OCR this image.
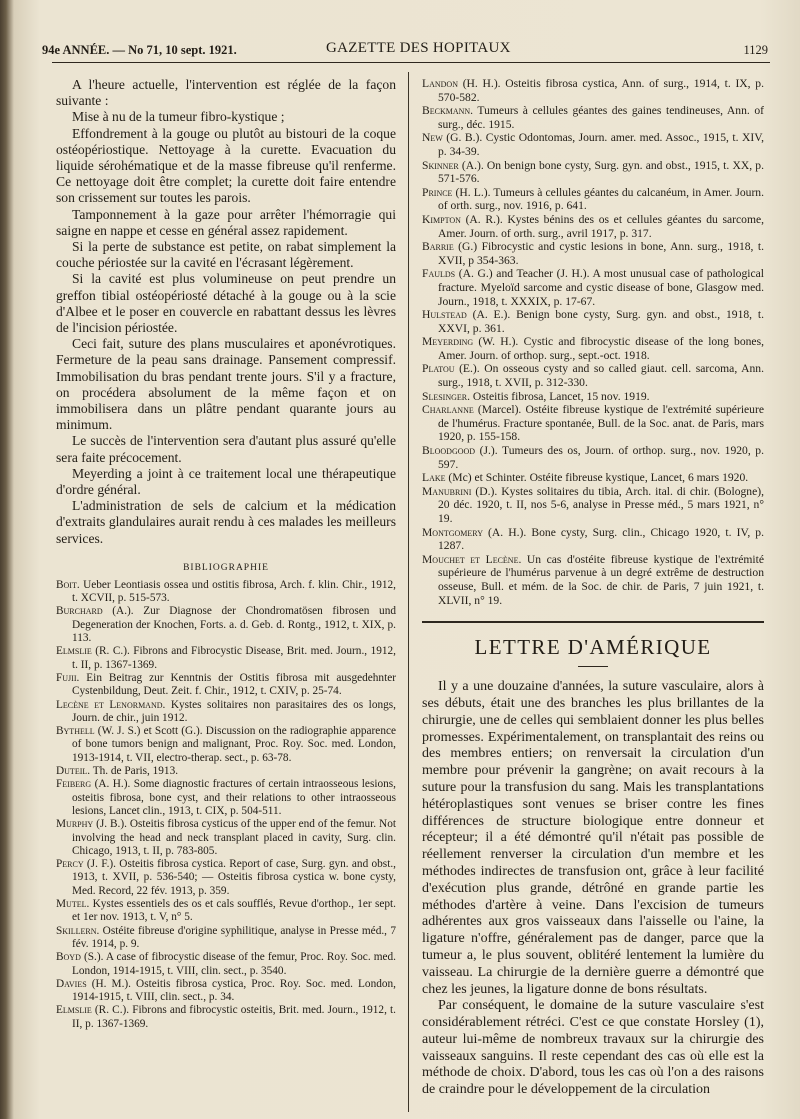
94e ANNÉE. — No 71, 10 sept. 1921.	GAZETTE DES HOPITAUX	1129

A l'heure actuelle, l'intervention est réglée de la façon suivante :

Mise à nu de la tumeur fibro-kystique ;

Effondrement à la gouge ou plutôt au bistouri de la coque ostéopériostique. Nettoyage à la curette. Evacuation du liquide sérohématique et de la masse fibreuse qu'il renferme. Ce nettoyage doit être complet; la curette doit faire entendre son crissement sur toutes les parois.

Tamponnement à la gaze pour arrêter l'hémorragie qui saigne en nappe et cesse en général assez rapidement.

Si la perte de substance est petite, on rabat simplement la couche périostée sur la cavité en l'écrasant légèrement.

Si la cavité est plus volumineuse on peut prendre un greffon tibial ostéopériosté détaché à la gouge ou à la scie d'Albee et le poser en couvercle en rabattant dessus les lèvres de l'incision périostée.

Ceci fait, suture des plans musculaires et aponévrotiques. Fermeture de la peau sans drainage. Pansement compressif. Immobilisation du bras pendant trente jours. S'il y a fracture, on procédera absolument de la même façon et on immobilisera dans un plâtre pendant quarante jours au minimum.

Le succès de l'intervention sera d'autant plus assuré qu'elle sera faite précocement.

Meyerding a joint à ce traitement local une thérapeutique d'ordre général.

L'administration de sels de calcium et la médication d'extraits glandulaires aurait rendu à ces malades les meilleurs services.

BIBLIOGRAPHIE

Boit. Ueber Leontiasis ossea und ostitis fibrosa, Arch. f. klin. Chir., 1912, t. XCVII, p. 515-573.

Burchard (A.). Zur Diagnose der Chondromatösen fibrosen und Degeneration der Knochen, Forts. a. d. Geb. d. Rontg., 1912, t. XIX, p. 113.

Elmslie (R. C.). Fibrons and Fibrocystic Disease, Brit. med. Journ., 1912, t. II, p. 1367-1369.

Fujii. Ein Beitrag zur Kenntnis der Ostitis fibrosa mit ausgedehnter Cystenbildung, Deut. Zeit. f. Chir., 1912, t. CXIV, p. 25-74.

Lecène et Lenormand. Kystes solitaires non parasitaires des os longs, Journ. de chir., juin 1912.

Bythell (W. J. S.) et Scott (G.). Discussion on the radiographie apparence of bone tumors benign and malignant, Proc. Roy. Soc. med. London, 1913-1914, t. VII, electro-therap. sect., p. 63-78.

Duteil. Th. de Paris, 1913.

Feiberg (A. H.). Some diagnostic fractures of certain intraosseous lesions, osteitis fibrosa, bone cyst, and their relations to other intraosseous lesions, Lancet clin., 1913, t. CIX, p. 504-511.

Murphy (J. B.). Osteitis fibrosa cysticus of the upper end of the femur. Not involving the head and neck transplant placed in cavity, Surg. clin. Chicago, 1913, t. II, p. 783-805.

Percy (J. F.). Osteitis fibrosa cystica. Report of case, Surg. gyn. and obst., 1913, t. XVII, p. 536-540; — Osteitis fibrosa cystica w. bone cysty, Med. Record, 22 fév. 1913, p. 359.

Mutel. Kystes essentiels des os et cals soufflés, Revue d'orthop., 1er sept. et 1er nov. 1913, t. V, n° 5.

Skillern. Ostéite fibreuse d'origine syphilitique, analyse in Presse méd., 7 fév. 1914, p. 9.

Boyd (S.). A case of fibrocystic disease of the femur, Proc. Roy. Soc. med. London, 1914-1915, t. VIII, clin. sect., p. 3540.

Davies (H. M.). Osteitis fibrosa cystica, Proc. Roy. Soc. med. London, 1914-1915, t. VIII, clin. sect., p. 34.

Elmslie (R. C.). Fibrons and fibrocystic osteitis, Brit. med. Journ., 1912, t. II, p. 1367-1369.

Landon (H. H.). Osteitis fibrosa cystica, Ann. of surg., 1914, t. IX, p. 570-582.

Beckmann. Tumeurs à cellules géantes des gaines tendineuses, Ann. of surg., déc. 1915.

New (G. B.). Cystic Odontomas, Journ. amer. med. Assoc., 1915, t. XIV, p. 34-39.

Skinner (A.). On benign bone cysty, Surg. gyn. and obst., 1915, t. XX, p. 571-576.

Prince (H. L.). Tumeurs à cellules géantes du calcanéum, in Amer. Journ. of orth. surg., nov. 1916, p. 641.

Kimpton (A. R.). Kystes bénins des os et cellules géantes du sarcome, Amer. Journ. of orth. surg., avril 1917, p. 317.

Barrie (G.) Fibrocystic and cystic lesions in bone, Ann. surg., 1918, t. XVII, p 354-363.

Faulds (A. G.) and Teacher (J. H.). A most unusual case of pathological fracture. Myeloïd sarcome and cystic disease of bone, Glasgow med. Journ., 1918, t. XXXIX, p. 17-67.

Hulstead (A. E.). Benign bone cysty, Surg. gyn. and obst., 1918, t. XXVI, p. 361.

Meyerding (W. H.). Cystic and fibrocystic disease of the long bones, Amer. Journ. of orthop. surg., sept.-oct. 1918.

Platou (E.). On osseous cysty and so called giaut. cell. sarcoma, Ann. surg., 1918, t. XVII, p. 312-330.

Slesinger. Osteitis fibrosa, Lancet, 15 nov. 1919.

Charlanne (Marcel). Ostéite fibreuse kystique de l'extrémité supérieure de l'humérus. Fracture spontanée, Bull. de la Soc. anat. de Paris, mars 1920, p. 155-158.

Bloodgood (J.). Tumeurs des os, Journ. of orthop. surg., nov. 1920, p. 597.

Lake (Mc) et Schinter. Ostéite fibreuse kystique, Lancet, 6 mars 1920.

Manubrini (D.). Kystes solitaires du tibia, Arch. ital. di chir. (Bologne), 20 déc. 1920, t. II, nos 5-6, analyse in Presse méd., 5 mars 1921, n° 19.

Montgomery (A. H.). Bone cysty, Surg. clin., Chicago 1920, t. IV, p. 1287.

Mouchet et Lecène. Un cas d'ostéite fibreuse kystique de l'extrémité supérieure de l'humérus parvenue à un degré extrême de destruction osseuse, Bull. et mém. de la Soc. de chir. de Paris, 7 juin 1921, t. XLVII, n° 19.

LETTRE D'AMÉRIQUE

Il y a une douzaine d'années, la suture vasculaire, alors à ses débuts, était une des branches les plus brillantes de la chirurgie, une de celles qui semblaient donner les plus belles promesses. Expérimentalement, on transplantait des reins ou des membres entiers; on renversait la circulation d'un membre pour prévenir la gangrène; on avait recours à la suture pour la transfusion du sang. Mais les transplantations hétéroplastiques sont venues se briser contre les fines différences de structure biologique entre donneur et récepteur; il a été démontré qu'il n'était pas possible de réellement renverser la circulation d'un membre et les méthodes indirectes de transfusion ont, grâce à leur facilité d'exécution plus grande, détrôné en grande partie les méthodes d'artère à veine. Dans l'excision de tumeurs adhérentes aux gros vaisseaux dans l'aisselle ou l'aine, la ligature n'offre, généralement pas de danger, parce que la tumeur a, le plus souvent, oblitéré lentement la lumière du vaisseau. La chirurgie de la dernière guerre a démontré que chez les jeunes, la ligature donne de bons résultats.

Par conséquent, le domaine de la suture vasculaire s'est considérablement rétréci. C'est ce que constate Horsley (1), auteur lui-même de nombreux travaux sur la chirurgie des vaisseaux sanguins. Il reste cependant des cas où elle est la méthode de choix. D'abord, tous les cas où l'on a des raisons de craindre pour le développement de la circulation
